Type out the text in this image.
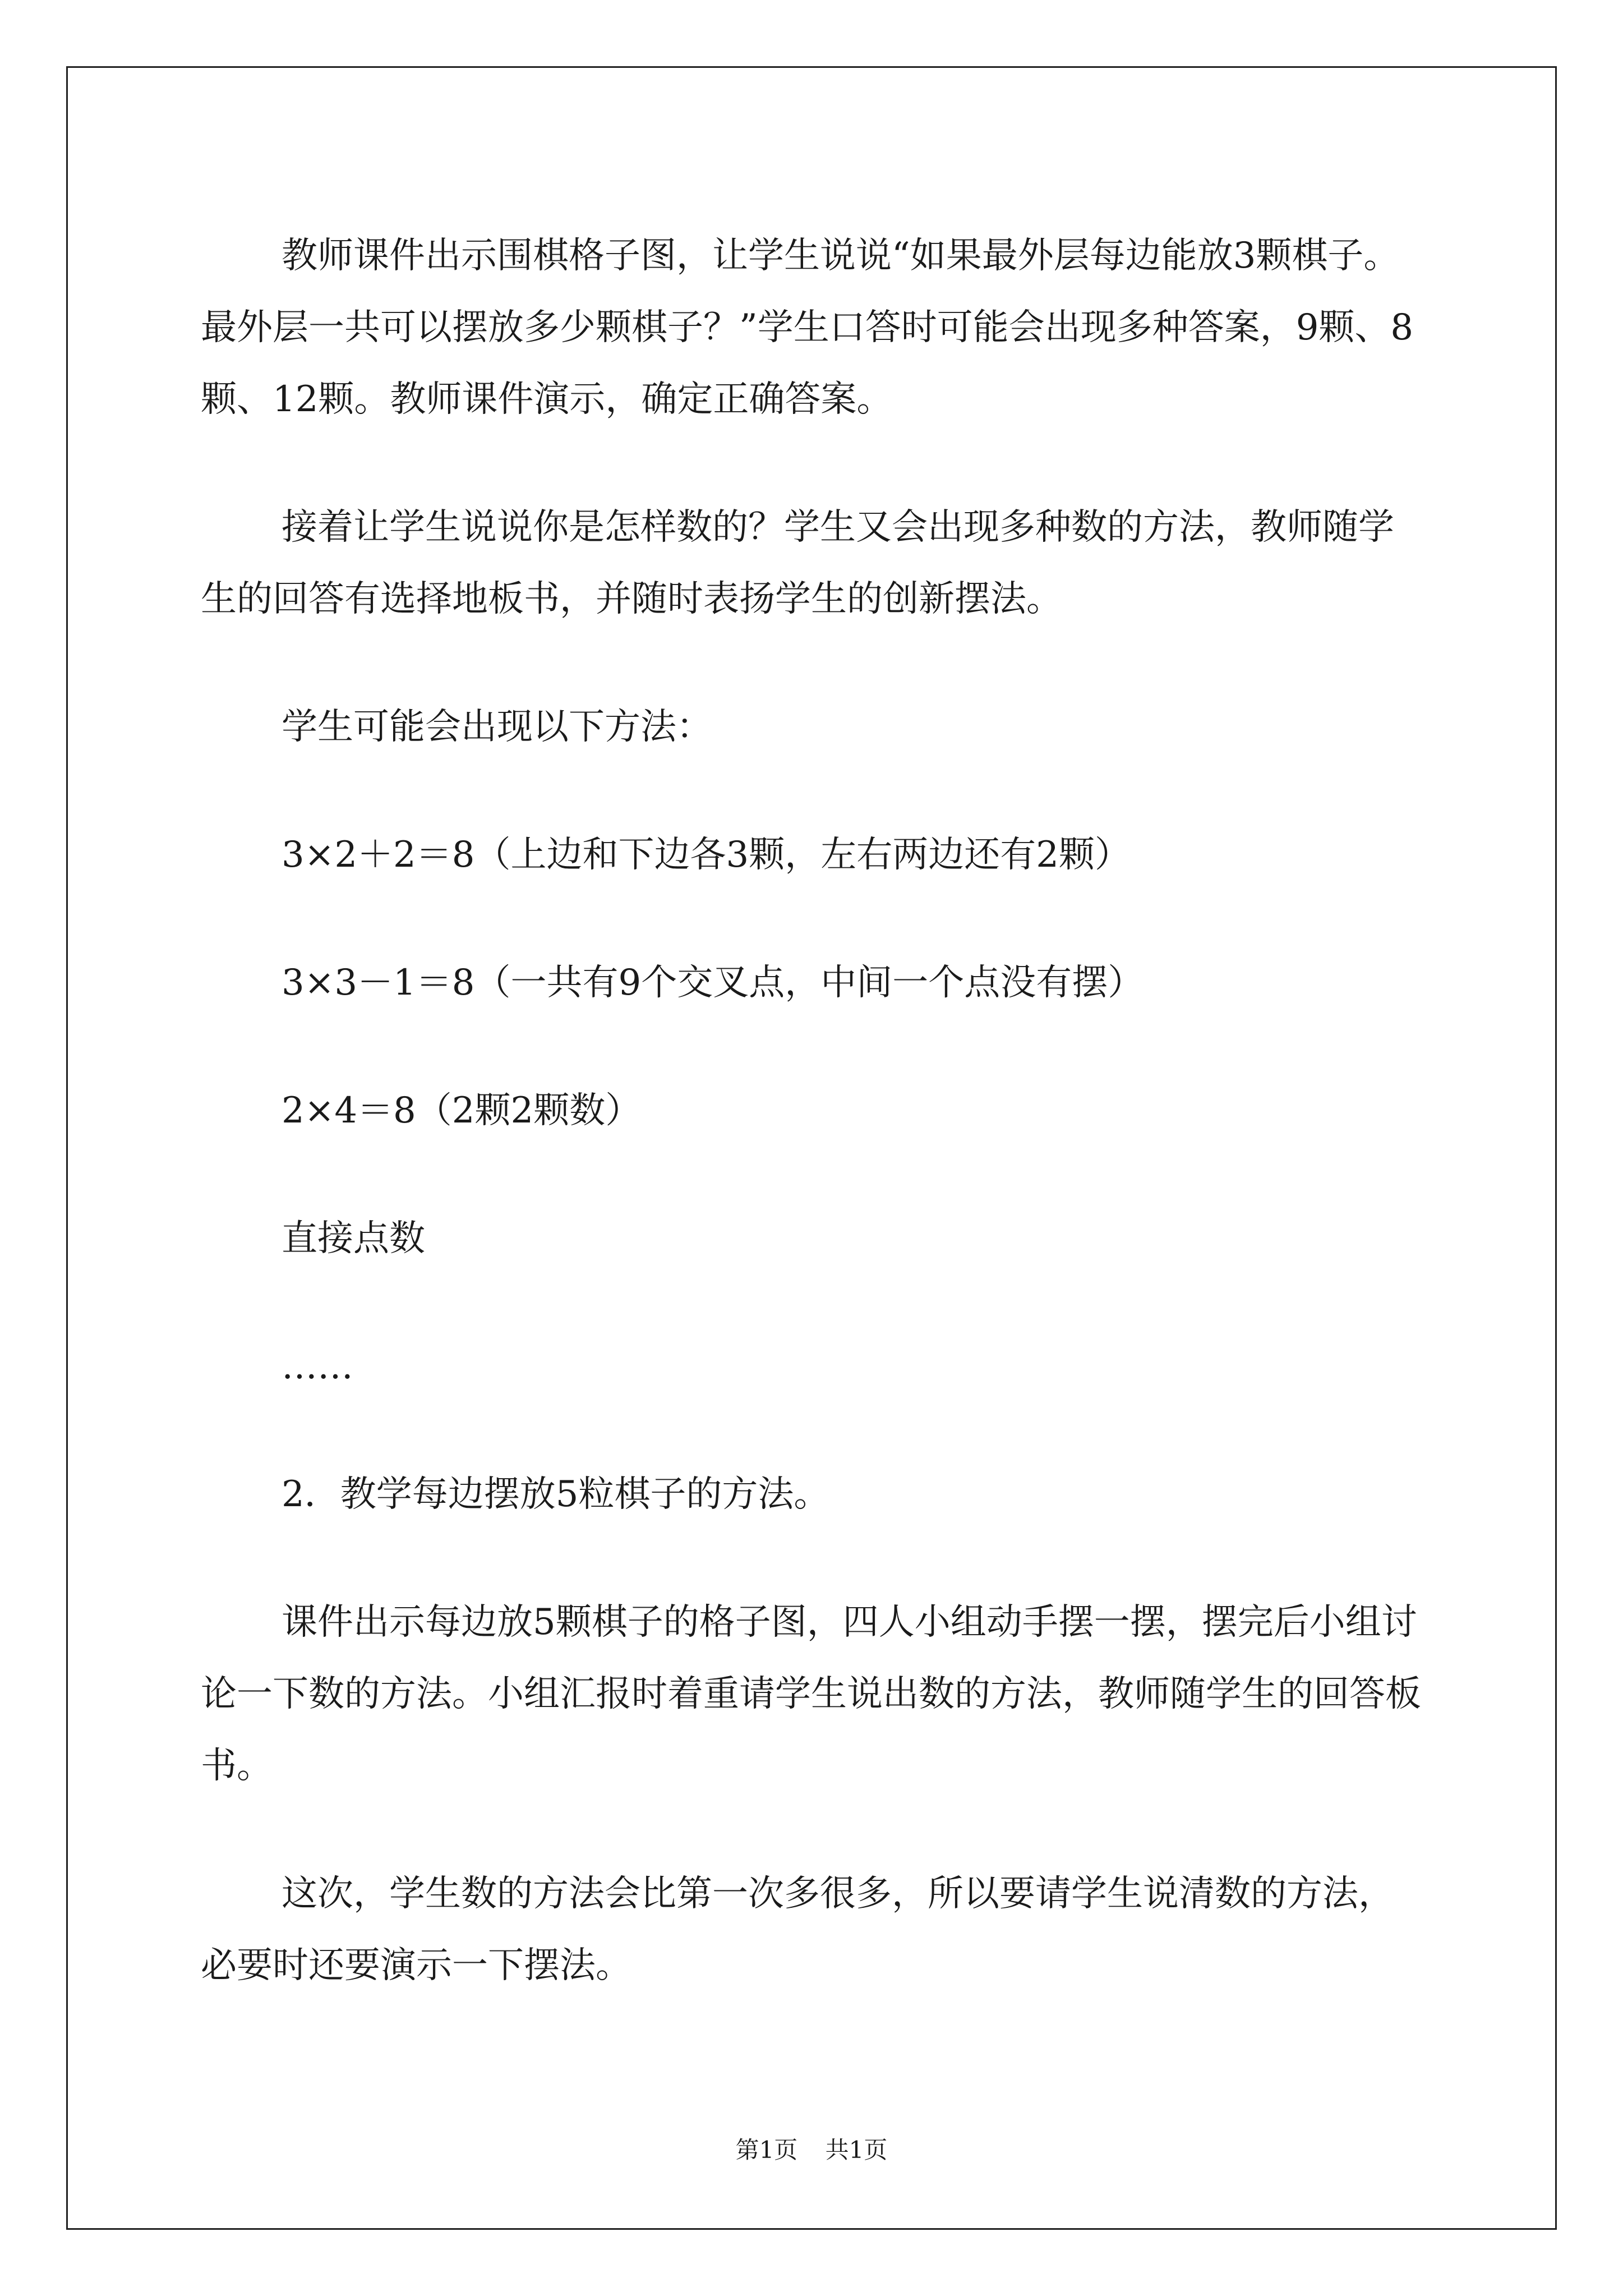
教师课件出示围棋格子图，让学生说说“如果最外层每边能放3颗棋子。最外层一共可以摆放多少颗棋子？”学生口答时可能会出现多种答案，9颗、8颗、12颗。教师课件演示，确定正确答案。

接着让学生说说你是怎样数的？学生又会出现多种数的方法，教师随学生的回答有选择地板书，并随时表扬学生的创新摆法。

学生可能会出现以下方法：

3×2＋2＝8（上边和下边各3颗，左右两边还有2颗）

3×3－1＝8（一共有9个交叉点，中间一个点没有摆）

2×4＝8（2颗2颗数）

直接点数

……

2．教学每边摆放5粒棋子的方法。

课件出示每边放5颗棋子的格子图，四人小组动手摆一摆，摆完后小组讨论一下数的方法。小组汇报时着重请学生说出数的方法，教师随学生的回答板书。

这次，学生数的方法会比第一次多很多，所以要请学生说清数的方法，必要时还要演示一下摆法。

第1页 共1页
